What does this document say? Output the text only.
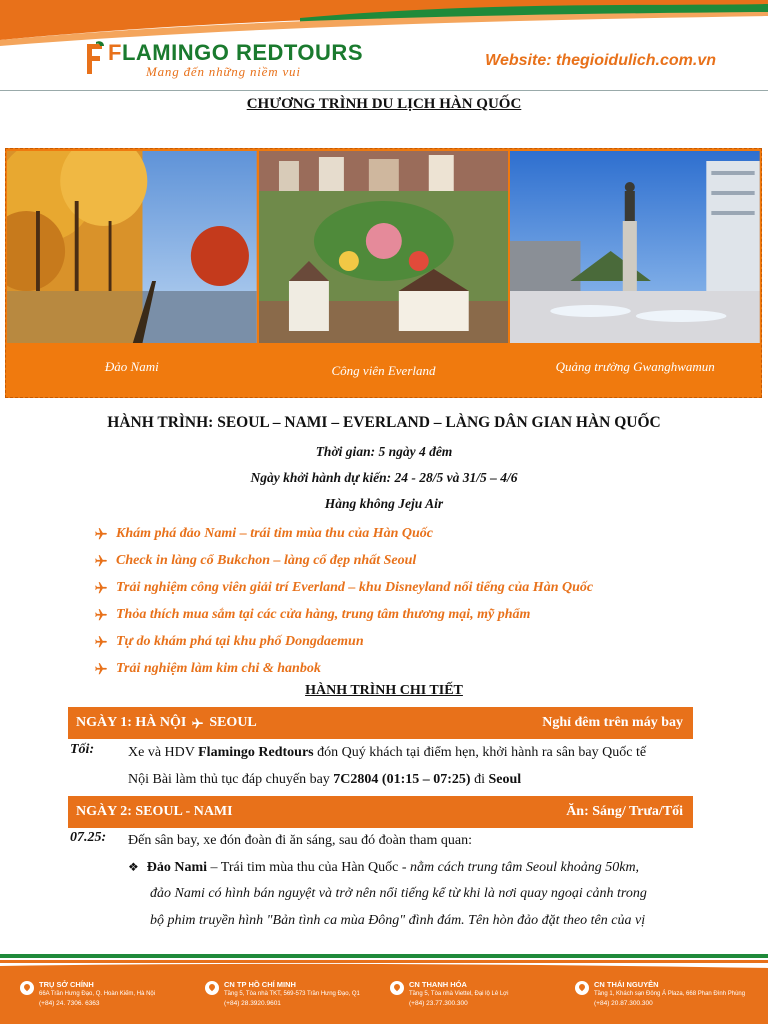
FLAMINGO REDTOURS
Mang đến những niềm vui
Website: thegioidulich.com.vn
CHƯƠNG TRÌNH DU LỊCH HÀN QUỐC
Đảo Nami	Công viên Everland	Quảng trường Gwanghwamun
HÀNH TRÌNH: SEOUL – NAMI – EVERLAND – LÀNG DÂN GIAN HÀN QUỐC
Thời gian: 5 ngày 4 đêm
Ngày khởi hành dự kiến: 24 - 28/5 và 31/5 – 4/6
Hàng không Jeju Air
Khám phá đảo Nami – trái tim mùa thu của Hàn Quốc
Check in làng cổ Bukchon – làng cổ đẹp nhất Seoul
Trải nghiệm công viên giải trí Everland – khu Disneyland nổi tiếng của Hàn Quốc
Thỏa thích mua sắm tại các cửa hàng, trung tâm thương mại, mỹ phẩm
Tự do khám phá tại khu phố Dongdaemun
Trải nghiệm làm kim chi & hanbok
HÀNH TRÌNH CHI TIẾT
NGÀY 1: HÀ NỘI SEOUL	Nghỉ đêm trên máy bay
Tối: Xe và HDV Flamingo Redtours đón Quý khách tại điểm hẹn, khởi hành ra sân bay Quốc tế
Nội Bài làm thủ tục đáp chuyến bay 7C2804 (01:15 – 07:25) đi Seoul
NGÀY 2: SEOUL - NAMI	Ăn: Sáng/ Trưa/Tối
07.25: Đến sân bay, xe đón đoàn đi ăn sáng, sau đó đoàn tham quan:
❖ Đảo Nami – Trái tim mùa thu của Hàn Quốc - nằm cách trung tâm Seoul khoảng 50km,
đảo Nami có hình bán nguyệt và trở nên nổi tiếng kể từ khi là nơi quay ngoại cảnh trong
bộ phim truyền hình "Bản tình ca mùa Đông" đình đám. Tên hòn đảo đặt theo tên của vị
TRỤ SỞ CHÍNH
66A Trần Hưng Đạo, Q. Hoàn Kiếm, Hà Nội
(+84) 24. 7306. 6363
CN TP HỒ CHÍ MINH
Tầng 5, Tòa nhà TKT, 569-573 Trần Hưng Đạo, Q1
(+84) 28.3920.9601
CN THANH HÓA
Tầng 5, Tòa nhà Viettel, Đại lộ Lê Lợi
(+84) 23.77.300.300
CN THÁI NGUYÊN
Tầng 1, Khách sạn Đông Á Plaza, 668 Phan Đình Phùng
(+84) 20.87.300.300
